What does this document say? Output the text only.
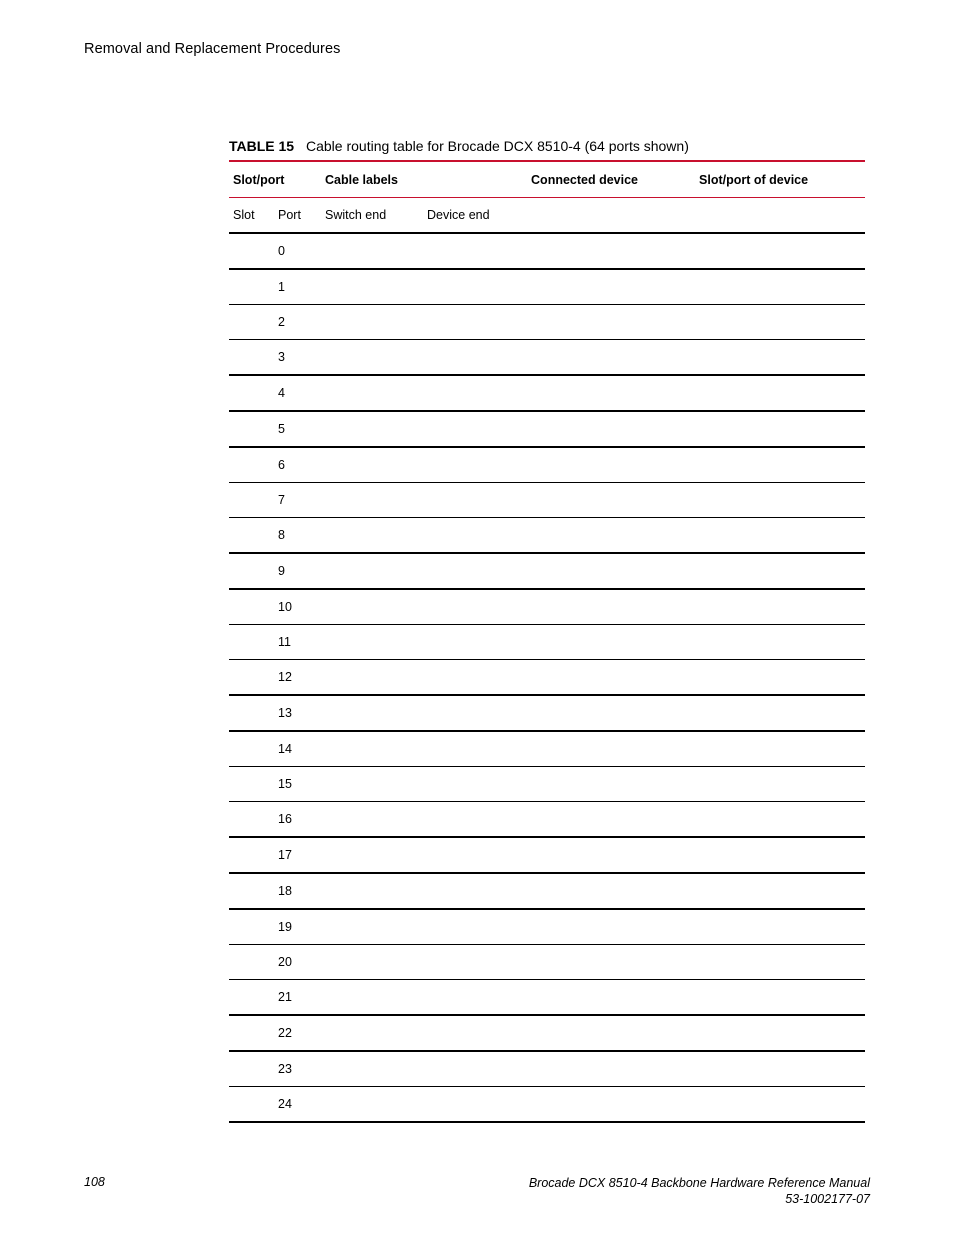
Removal and Replacement Procedures
TABLE 15 Cable routing table for Brocade DCX 8510-4 (64 ports shown)
Slot/port		Cable labels		Connected device	Slot/port of device
Slot	Port	Switch end	Device end		
	0				
	1				
	2				
	3				
	4				
	5				
	6				
	7				
	8				
	9				
	10				
	11				
	12				
	13				
	14				
	15				
	16				
	17				
	18				
	19				
	20				
	21				
	22				
	23				
	24				
108	Brocade DCX 8510-4 Backbone Hardware Reference Manual
53-1002177-07
